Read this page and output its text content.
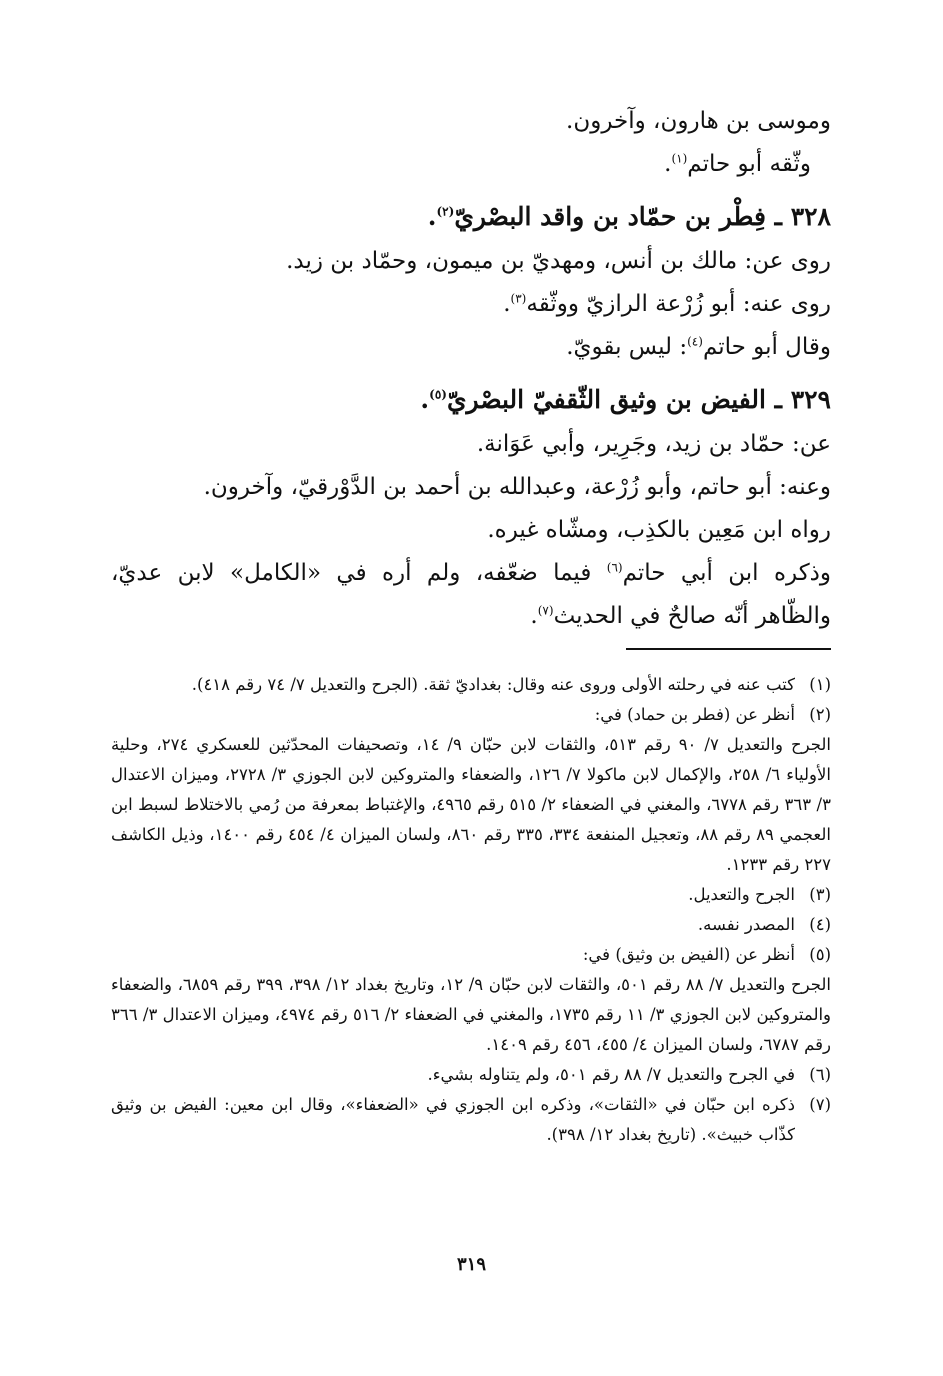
وموسى بن هارون، وآخرون.
وثّقه أبو حاتم$^{(١)}$.
٣٢٨ ـ فِطْر بن حمّاد بن واقد البصْريّ$^{(٢)}$.
روى عن: مالك بن أنس، ومهديّ بن ميمون، وحمّاد بن زيد.
روى عنه: أبو زُرْعة الرازيّ ووثّقه$^{(٣)}$.
وقال أبو حاتم$^{(٤)}$: ليس بقويّ.
٣٢٩ ـ الفيض بن وثيق الثّقفيّ البصْريّ$^{(٥)}$.
عن: حمّاد بن زيد، وجَرِير، وأبي عَوَانة.
وعنه: أبو حاتم، وأبو زُرْعة، وعبدالله بن أحمد بن الدَّوْرقيّ، وآخرون.
رواه ابن مَعِين بالكذِب، ومشّاه غيره.
وذكره ابن أبي حاتم$^{(٦)}$ فيما ضعّفه، ولم أره في «الكامل» لابن عديّ،
والظّاهر أنّه صالحٌ في الحديث$^{(٧)}$.
(١)
كتب عنه في رحلته الأولى وروى عنه وقال: بغداديّ ثقة. (الجرح والتعديل ٧/ ٧٤ رقم ٤١٨).
(٢)
أنظر عن (فطر بن حماد) في:
الجرح والتعديل ٧/ ٩٠ رقم ٥١٣، والثقات لابن حبّان ٩/ ١٤، وتصحيفات المحدّثين للعسكري ٢٧٤، وحلية الأولياء ٦/ ٢٥٨، والإكمال لابن ماكولا ٧/ ١٢٦، والضعفاء والمتروكين لابن الجوزي ٣/ ٢٧٢٨، وميزان الاعتدال ٣/ ٣٦٣ رقم ٦٧٧٨، والمغني في الضعفاء ٢/ ٥١٥ رقم ٤٩٦٥، والإغتباط بمعرفة من رُمي بالاختلاط لسبط ابن العجمي ٨٩ رقم ٨٨، وتعجيل المنفعة ٣٣٤، ٣٣٥ رقم ٨٦٠، ولسان الميزان ٤/ ٤٥٤ رقم ١٤٠٠، وذيل الكاشف ٢٢٧ رقم ١٢٣٣.
(٣)
الجرح والتعديل.
(٤)
المصدر نفسه.
(٥)
أنظر عن (الفيض بن وثيق) في:
الجرح والتعديل ٧/ ٨٨ رقم ٥٠١، والثقات لابن حبّان ٩/ ١٢، وتاريخ بغداد ١٢/ ٣٩٨، ٣٩٩ رقم ٦٨٥٩، والضعفاء والمتروكين لابن الجوزي ٣/ ١١ رقم ١٧٣٥، والمغني في الضعفاء ٢/ ٥١٦ رقم ٤٩٧٤، وميزان الاعتدال ٣/ ٣٦٦ رقم ٦٧٨٧، ولسان الميزان ٤/ ٤٥٥، ٤٥٦ رقم ١٤٠٩.
(٦)
في الجرح والتعديل ٧/ ٨٨ رقم ٥٠١، ولم يتناوله بشيء.
(٧)
ذكره ابن حبّان في «الثقات»، وذكره ابن الجوزي في «الضعفاء»، وقال ابن معين: الفيض بن وثيق كذّاب خبيث». (تاريخ بغداد ١٢/ ٣٩٨).
٣١٩
